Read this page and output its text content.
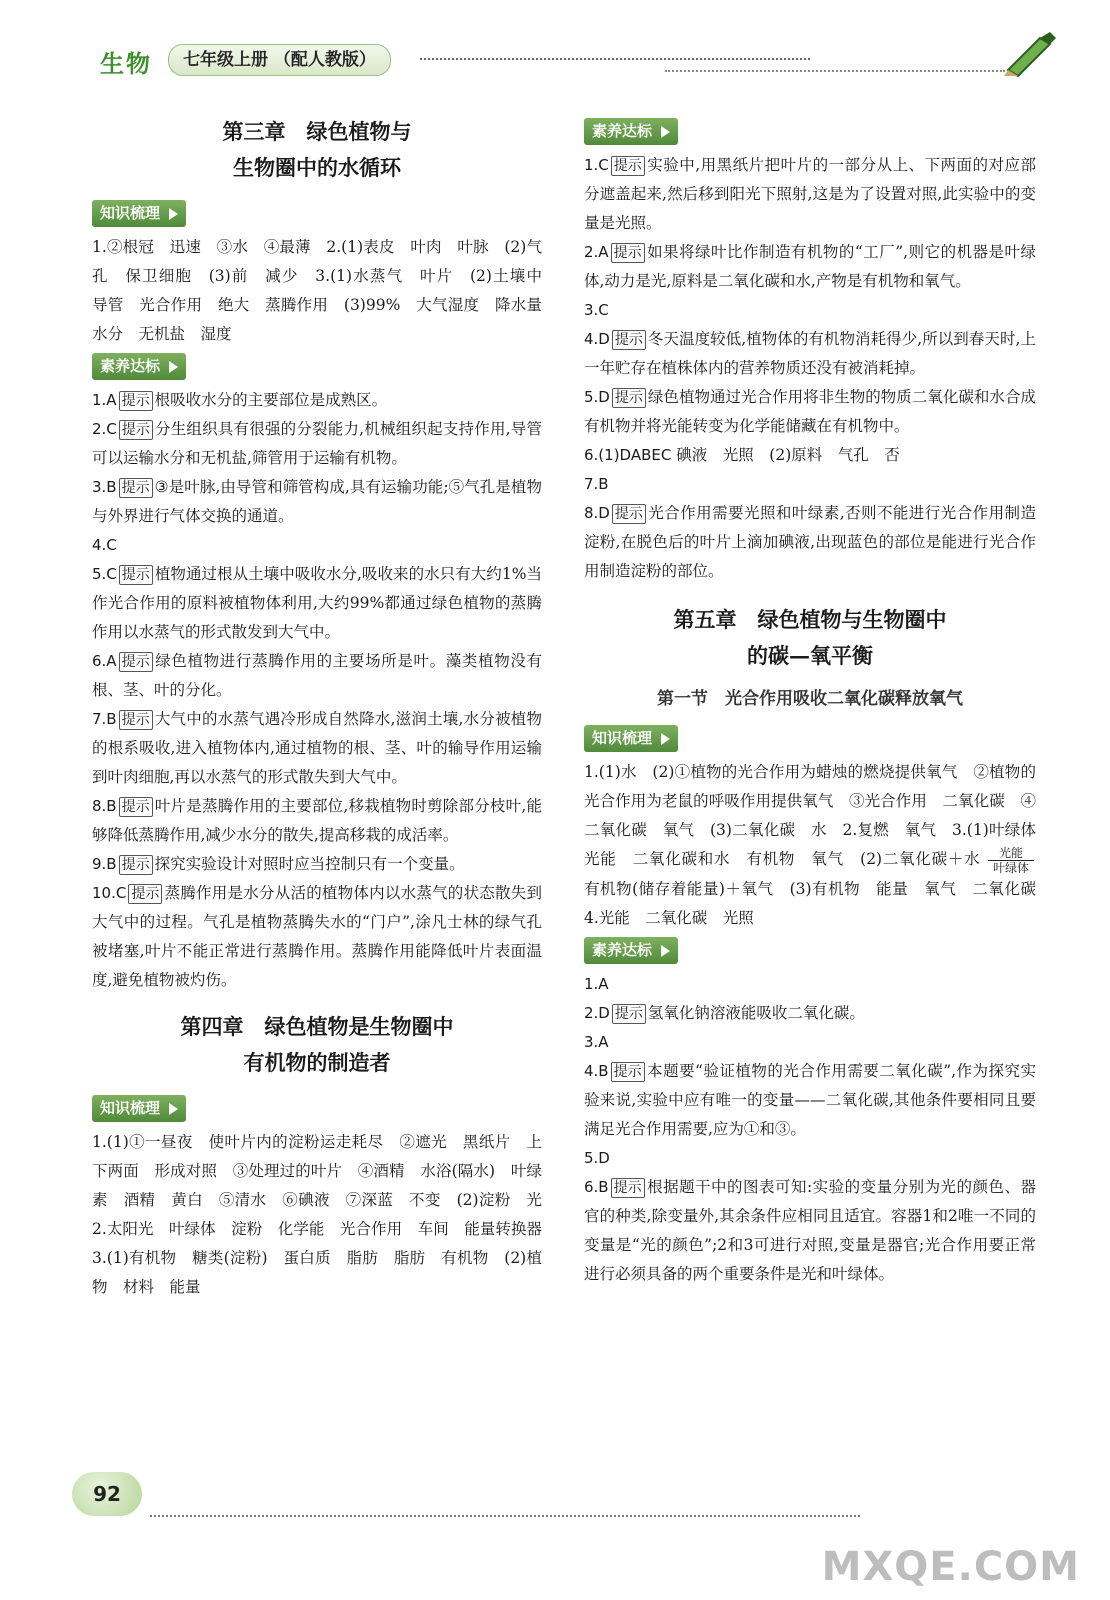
生物	七年级上册 （配人教版）
第三章　绿色植物与
生物圈中的水循环
知识梳理

1.②根冠　迅速　③水　④最薄　2.(1)表皮　叶肉　叶脉　(2)气孔　保卫细胞　(3)前　减少　3.(1)水蒸气　叶片　(2)土壤中　导管　光合作用　绝大　蒸腾作用　(3)99%　大气湿度　降水量　水分　无机盐　湿度

素养达标

1.A 提示 根吸收水分的主要部位是成熟区。

2.C 提示 分生组织具有很强的分裂能力,机械组织起支持作用,导管可以运输水分和无机盐,筛管用于运输有机物。

3.B 提示 ③是叶脉,由导管和筛管构成,具有运输功能;⑤气孔是植物与外界进行气体交换的通道。

4.C

5.C 提示 植物通过根从土壤中吸收水分,吸收来的水只有大约1%当作光合作用的原料被植物体利用,大约99%都通过绿色植物的蒸腾作用以水蒸气的形式散发到大气中。

6.A 提示 绿色植物进行蒸腾作用的主要场所是叶。藻类植物没有根、茎、叶的分化。

7.B 提示 大气中的水蒸气遇冷形成自然降水,滋润土壤,水分被植物的根系吸收,进入植物体内,通过植物的根、茎、叶的输导作用运输到叶肉细胞,再以水蒸气的形式散失到大气中。

8.B 提示 叶片是蒸腾作用的主要部位,移栽植物时剪除部分枝叶,能够降低蒸腾作用,减少水分的散失,提高移栽的成活率。

9.B 提示 探究实验设计对照时应当控制只有一个变量。

10.C 提示 蒸腾作用是水分从活的植物体内以水蒸气的状态散失到大气中的过程。气孔是植物蒸腾失水的“门户”,涂凡士林的绿气孔被堵塞,叶片不能正常进行蒸腾作用。蒸腾作用能降低叶片表面温度,避免植物被灼伤。

第四章　绿色植物是生物圈中
有机物的制造者
知识梳理

1.(1)①一昼夜　使叶片内的淀粉运走耗尽　②遮光　黑纸片　上下两面　形成对照　③处理过的叶片　④酒精　水浴(隔水)　叶绿素　酒精　黄白　⑤清水　⑥碘液　⑦深蓝　不变　(2)淀粉　光　2.太阳光　叶绿体　淀粉　化学能　光合作用　车间　能量转换器　3.(1)有机物　糖类(淀粉)　蛋白质　脂肪　脂肪　有机物　(2)植物　材料　能量

素养达标

1.C 提示 实验中,用黑纸片把叶片的一部分从上、下两面的对应部分遮盖起来,然后移到阳光下照射,这是为了设置对照,此实验中的变量是光照。

2.A 提示 如果将绿叶比作制造有机物的“工厂”,则它的机器是叶绿体,动力是光,原料是二氧化碳和水,产物是有机物和氧气。

3.C

4.D 提示 冬天温度较低,植物体的有机物消耗得少,所以到春天时,上一年贮存在植株体内的营养物质还没有被消耗掉。

5.D 提示 绿色植物通过光合作用将非生物的物质二氧化碳和水合成有机物并将光能转变为化学能储藏在有机物中。

6.(1)DABEC 碘液　光照　(2)原料　气孔　否

7.B

8.D 提示 光合作用需要光照和叶绿素,否则不能进行光合作用制造淀粉,在脱色后的叶片上滴加碘液,出现蓝色的部位是能进行光合作用制造淀粉的部位。

第五章　绿色植物与生物圈中
的碳—氧平衡
第一节　光合作用吸收二氧化碳释放氧气
知识梳理

1.(1)水　(2)①植物的光合作用为蜡烛的燃烧提供氧气　②植物的光合作用为老鼠的呼吸作用提供氧气　③光合作用　二氧化碳　④二氧化碳　氧气　(3)二氧化碳　水　2.复燃　氧气　3.(1)叶绿体　光能　二氧化碳和水　有机物　氧气　(2)二氧化碳＋水 光能

叶绿体 有机物(储存着能量)＋氧气　(3)有机物　能量　氧气　二氧化碳　4.光能　二氧化碳　光照

素养达标

1.A

2.D 提示 氢氧化钠溶液能吸收二氧化碳。

3.A

4.B 提示 本题要“验证植物的光合作用需要二氧化碳”,作为探究实验来说,实验中应有唯一的变量——二氧化碳,其他条件要相同且要满足光合作用需要,应为①和③。

5.D

6.B 提示 根据题干中的图表可知:实验的变量分别为光的颜色、器官的种类,除变量外,其余条件应相同且适宜。容器1和2唯一不同的变量是“光的颜色”;2和3可进行对照,变量是器官;光合作用要正常进行必须具备的两个重要条件是光和叶绿体。

92
MXQE.COM
